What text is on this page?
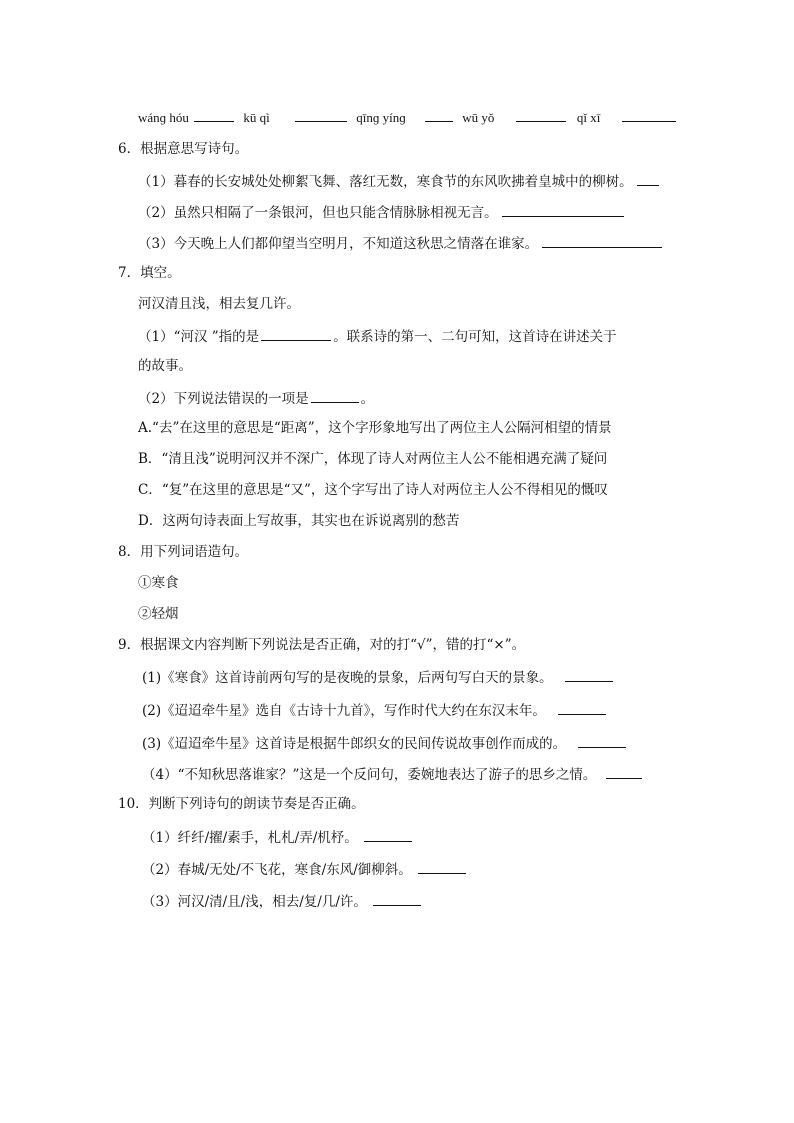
wánɡ hóu	kū qì	qīnɡ yínɡ	wū yǒ	qǐ xī
6．根据意思写诗句。
（1）暮春的长安城处处柳絮飞舞、落红无数，寒食节的东风吹拂着皇城中的柳树。
（2）虽然只相隔了一条银河，但也只能含情脉脉相视无言。
（3）今天晚上人们都仰望当空明月，不知道这秋思之情落在谁家。
7．填空。
河汉清且浅，相去复几许。
（1）“河汉 ”指的是	。联系诗的第一、二句可知，这首诗在讲述关于
的故事。
（2）下列说法错误的一项是	。
A.“去”在这里的意思是“距离”，这个字形象地写出了两位主人公隔河相望的情景
B．“清且浅”说明河汉并不深广，体现了诗人对两位主人公不能相遇充满了疑问
C．“复”在这里的意思是“又”，这个字写出了诗人对两位主人公不得相见的慨叹
D．这两句诗表面上写故事，其实也在诉说离别的愁苦
8．用下列词语造句。
①寒食
②轻烟
9．根据课文内容判断下列说法是否正确，对的打“√”，错的打“×”。
(1)《寒食》这首诗前两句写的是夜晚的景象，后两句写白天的景象。
(2)《迢迢牵牛星》选自《古诗十九首》，写作时代大约在东汉末年。
(3)《迢迢牵牛星》这首诗是根据牛郎织女的民间传说故事创作而成的。
（4）“不知秋思落谁家？”这是一个反问句，委婉地表达了游子的思乡之情。
10．判断下列诗句的朗读节奏是否正确。
（1）纤纤/擢/素手，札札/弄/机杼。
（2）春城/无处/不飞花，寒食/东风/御柳斜。
（3）河汉/清/且/浅，相去/复/几/许。
